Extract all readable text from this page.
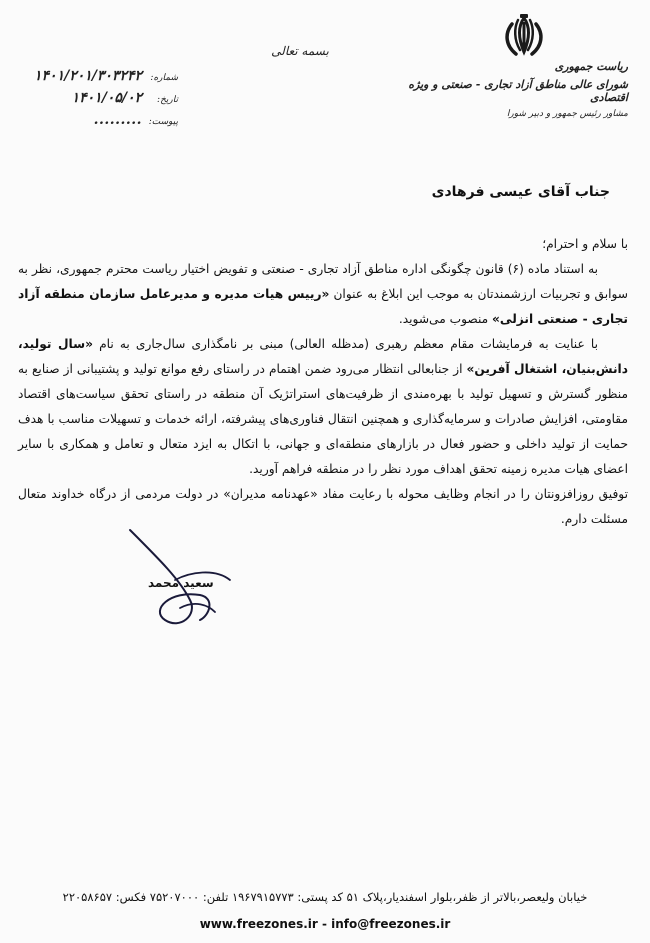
بسمه تعالی
ریاست جمهوری
شورای عالی مناطق آزاد تجاری - صنعتی و ویژه اقتصادی
مشاور رئیس جمهور و دبیر شورا
شماره:
۱۴۰۱/۲۰۱/۳۰۳۲۴۲
تاریخ:
۱۴۰۱/۰۵/۰۲
پیوست:
.........
جناب آقای عیسی فرهادی

با سلام و احترام؛

به استناد ماده (۶) قانون چگونگی اداره مناطق آزاد تجاری - صنعتی و تفویض اختیار ریاست محترم جمهوری، نظر به سوابق و تجربیات ارزشمندتان به موجب این ابلاغ به عنوان «رییس هیات مدیره و مدیرعامل سازمان منطقه آزاد تجاری - صنعتی انزلی» منصوب می‌شوید.

با عنایت به فرمایشات مقام معظم رهبری (مدظله العالی) مبنی بر نامگذاری سال‌جاری به نام «سال تولید، دانش‌بنیان، اشتغال آفرین» از جنابعالی انتظار می‌رود ضمن اهتمام در راستای رفع موانع تولید و پشتیبانی از صنایع به منظور گسترش و تسهیل تولید با بهره‌مندی از ظرفیت‌های استراتژیک آن منطقه در راستای تحقق سیاست‌های اقتصاد مقاومتی، افزایش صادرات و سرمایه‌گذاری و همچنین انتقال فناوری‌های پیشرفته، ارائه خدمات و تسهیلات مناسب با هدف حمایت از تولید داخلی و حضور فعال در بازارهای منطقه‌ای و جهانی، با اتکال به ایزد متعال و تعامل و همکاری با سایر اعضای هیات مدیره زمینه تحقق اهداف مورد نظر را در منطقه فراهم آورید.

توفیق روزافزونتان را در انجام وظایف محوله با رعایت مفاد «عهدنامه مدیران» در دولت مردمی از درگاه خداوند متعال مسئلت دارم.

سعید محمد
خیابان ولیعصر،بالاتر از ظفر،بلوار اسفندیار،پلاک ۵۱ کد پستی: ۱۹۶۷۹۱۵۷۷۳ تلفن: ۷۵۲۰۷۰۰۰ فکس: ۲۲۰۵۸۶۵۷
www.freezones.ir - info@freezones.ir
